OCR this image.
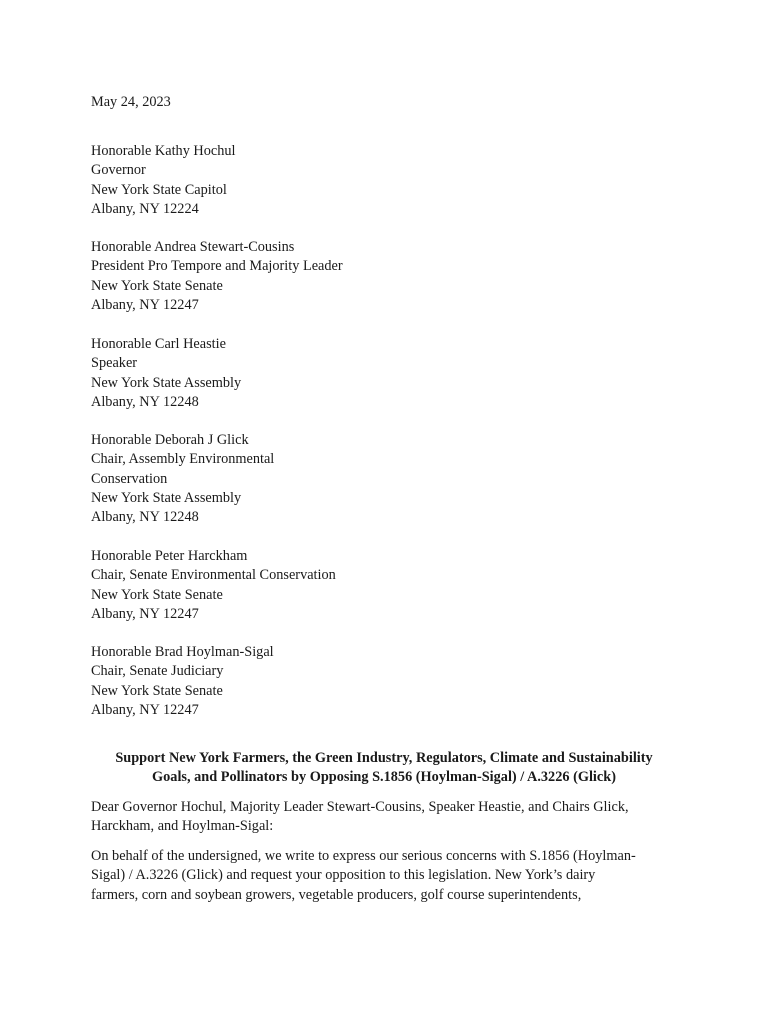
May 24, 2023
Honorable Kathy Hochul
Governor
New York State Capitol
Albany, NY 12224
Honorable Andrea Stewart-Cousins
President Pro Tempore and Majority Leader
New York State Senate
Albany, NY 12247
Honorable Carl Heastie
Speaker
New York State Assembly
Albany, NY 12248
Honorable Deborah J Glick
Chair, Assembly Environmental
Conservation
New York State Assembly
Albany, NY 12248
Honorable Peter Harckham
Chair, Senate Environmental Conservation
New York State Senate
Albany, NY 12247
Honorable Brad Hoylman-Sigal
Chair, Senate Judiciary
New York State Senate
Albany, NY 12247
Support New York Farmers, the Green Industry, Regulators, Climate and Sustainability
Goals, and Pollinators by Opposing S.1856 (Hoylman-Sigal) / A.3226 (Glick)
Dear Governor Hochul, Majority Leader Stewart-Cousins, Speaker Heastie, and Chairs Glick,
Harckham, and Hoylman-Sigal:
On behalf of the undersigned, we write to express our serious concerns with S.1856 (Hoylman-
Sigal) / A.3226 (Glick) and request your opposition to this legislation. New York’s dairy
farmers, corn and soybean growers, vegetable producers, golf course superintendents,
